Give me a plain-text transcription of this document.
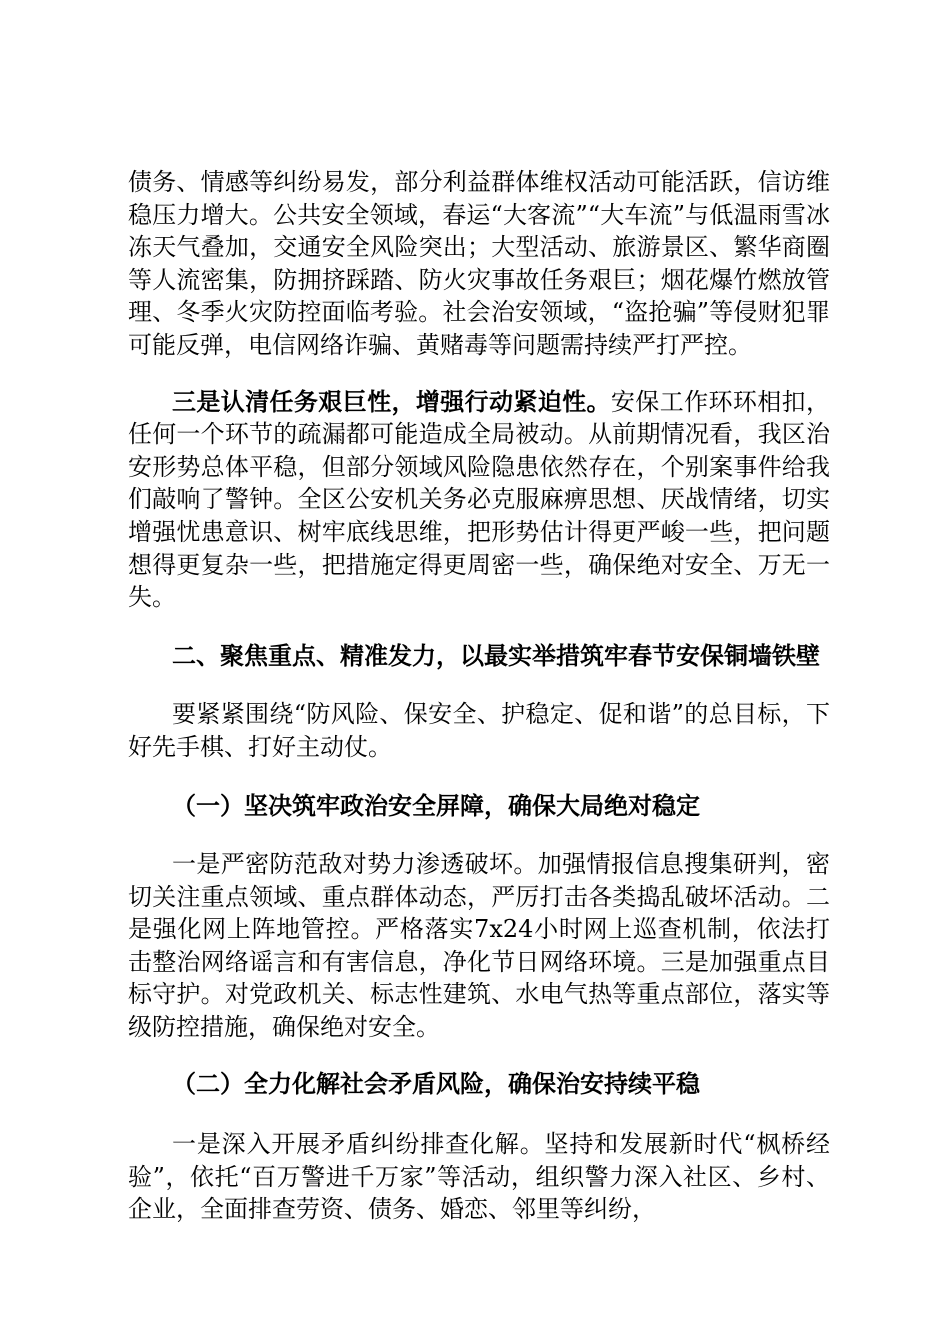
债务、情感等纠纷易发，部分利益群体维权活动可能活跃，信访维稳压力增大。公共安全领域，春运“大客流”“大车流”与低温雨雪冰冻天气叠加，交通安全风险突出；大型活动、旅游景区、繁华商圈等人流密集，防拥挤踩踏、防火灾事故任务艰巨；烟花爆竹燃放管理、冬季火灾防控面临考验。社会治安领域，“盗抢骗”等侵财犯罪可能反弹，电信网络诈骗、黄赌毒等问题需持续严打严控。

三是认清任务艰巨性，增强行动紧迫性。安保工作环环相扣，任何一个环节的疏漏都可能造成全局被动。从前期情况看，我区治安形势总体平稳，但部分领域风险隐患依然存在，个别案事件给我们敲响了警钟。全区公安机关务必克服麻痹思想、厌战情绪，切实增强忧患意识、树牢底线思维，把形势估计得更严峻一些，把问题想得更复杂一些，把措施定得更周密一些，确保绝对安全、万无一失。

二、聚焦重点、精准发力，以最实举措筑牢春节安保铜墙铁壁

要紧紧围绕“防风险、保安全、护稳定、促和谐”的总目标，下好先手棋、打好主动仗。

（一）坚决筑牢政治安全屏障，确保大局绝对稳定

一是严密防范敌对势力渗透破坏。加强情报信息搜集研判，密切关注重点领域、重点群体动态，严厉打击各类捣乱破坏活动。二是强化网上阵地管控。严格落实7x24小时网上巡查机制，依法打击整治网络谣言和有害信息，净化节日网络环境。三是加强重点目标守护。对党政机关、标志性建筑、水电气热等重点部位，落实等级防控措施，确保绝对安全。

（二）全力化解社会矛盾风险，确保治安持续平稳

一是深入开展矛盾纠纷排查化解。坚持和发展新时代“枫桥经验”，依托“百万警进千万家”等活动，组织警力深入社区、乡村、企业，全面排查劳资、债务、婚恋、邻里等纠纷，
